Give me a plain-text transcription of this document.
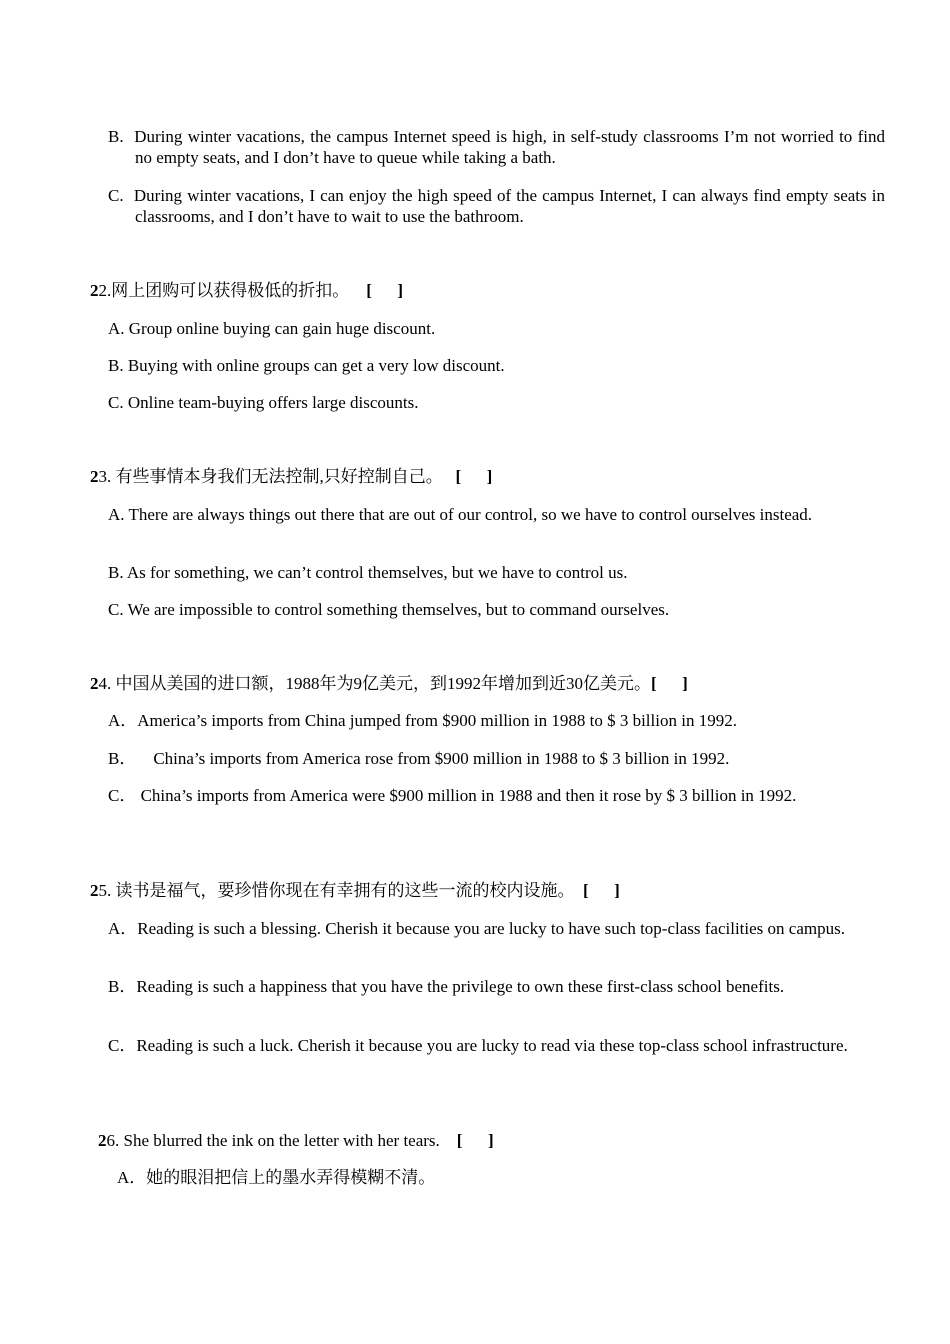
B. During winter vacations, the campus Internet speed is high, in self-study classrooms I’m not worried to find no empty seats, and I don’t have to queue while taking a bath.
C. During winter vacations, I can enjoy the high speed of the campus Internet, I can always find empty seats in classrooms, and I don’t have to wait to use the bathroom.
22.网上团购可以获得极低的折扣。 [      ]
A. Group online buying can gain huge discount.
B. Buying with online groups can get a very low discount.
C. Online team-buying offers large discounts.
23. 有些事情本身我们无法控制,只好控制自己。 [      ]
A. There are always things out there that are out of our control, so we have to control ourselves instead.
B. As for something, we can’t control themselves, but we have to control us.
C. We are impossible to control something themselves, but to command ourselves.
24. 中国从美国的进口额，1988年为9亿美元，到1992年增加到近30亿美元。[      ]
A．America’s imports from China jumped from $900 million in 1988 to $ 3 billion in 1992.
B．    China’s imports from America rose from $900 million in 1988 to $ 3 billion in 1992.
C． China’s imports from America were $900 million in 1988 and then it rose by $ 3 billion in 1992.
25. 读书是福气，要珍惜你现在有幸拥有的这些一流的校内设施。 [      ]
A．Reading is such a blessing. Cherish it because you are lucky to have such top-class facilities on campus.
B．Reading is such a happiness that you have the privilege to own these first-class school benefits.
C．Reading is such a luck. Cherish it because you are lucky to read via these top-class school infrastructure.
26. She blurred the ink on the letter with her tears. [      ]
A．她的眼泪把信上的墨水弄得模糊不清。
